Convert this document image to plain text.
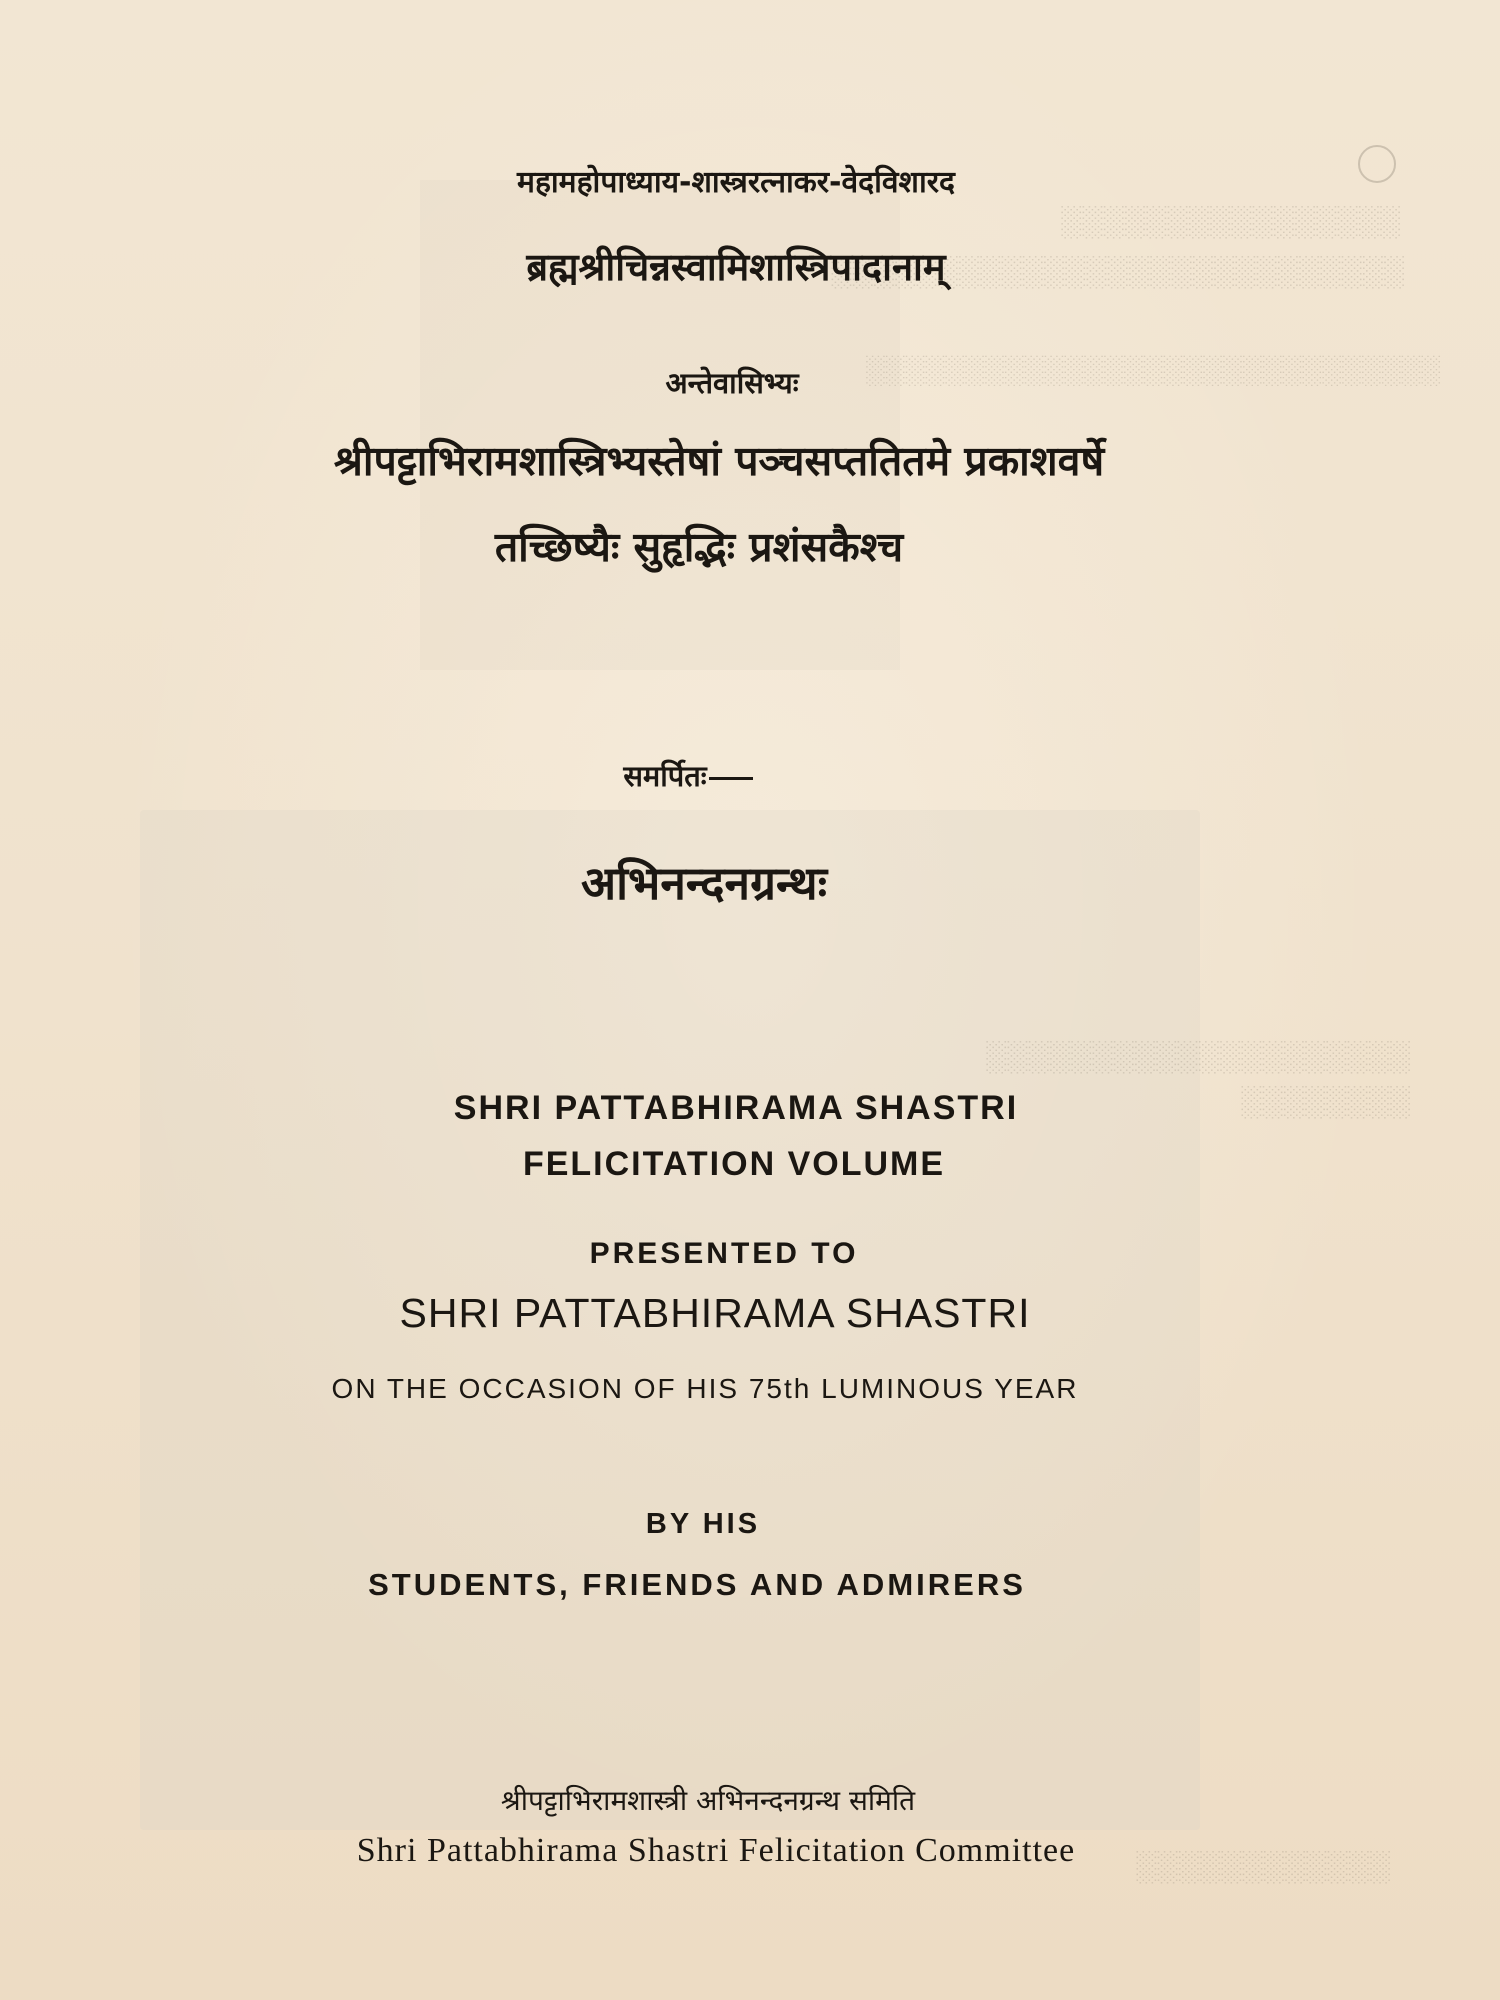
░░░░░░░░░░░░░░░░
░░░░░░░░░░░░░░░░░░░░░░░░░░░
░░░░░░░░░░░░░░░░░░░░░░░░░░░░░
░░░░░░░░░░░░░░░░░░░░
░░░░░░░░
░░░░░░░░░░░░
महामहोपाध्याय-शास्त्ररत्नाकर-वेदविशारद
ब्रह्मश्रीचिन्नस्वामिशास्त्रिपादानाम्
अन्तेवासिभ्यः
श्रीपट्टाभिरामशास्त्रिभ्यस्तेषां पञ्चसप्ततितमे प्रकाशवर्षे
तच्छिष्यैः सुहृद्भिः प्रशंसकैश्च
समर्पितः
अभिनन्दनग्रन्थः
SHRI PATTABHIRAMA SHASTRI
FELICITATION VOLUME
PRESENTED TO
SHRI PATTABHIRAMA SHASTRI
ON THE OCCASION OF HIS 75th LUMINOUS YEAR
BY HIS
STUDENTS, FRIENDS AND ADMIRERS
श्रीपट्टाभिरामशास्त्री अभिनन्दनग्रन्थ समिति
Shri Pattabhirama Shastri Felicitation Committee
